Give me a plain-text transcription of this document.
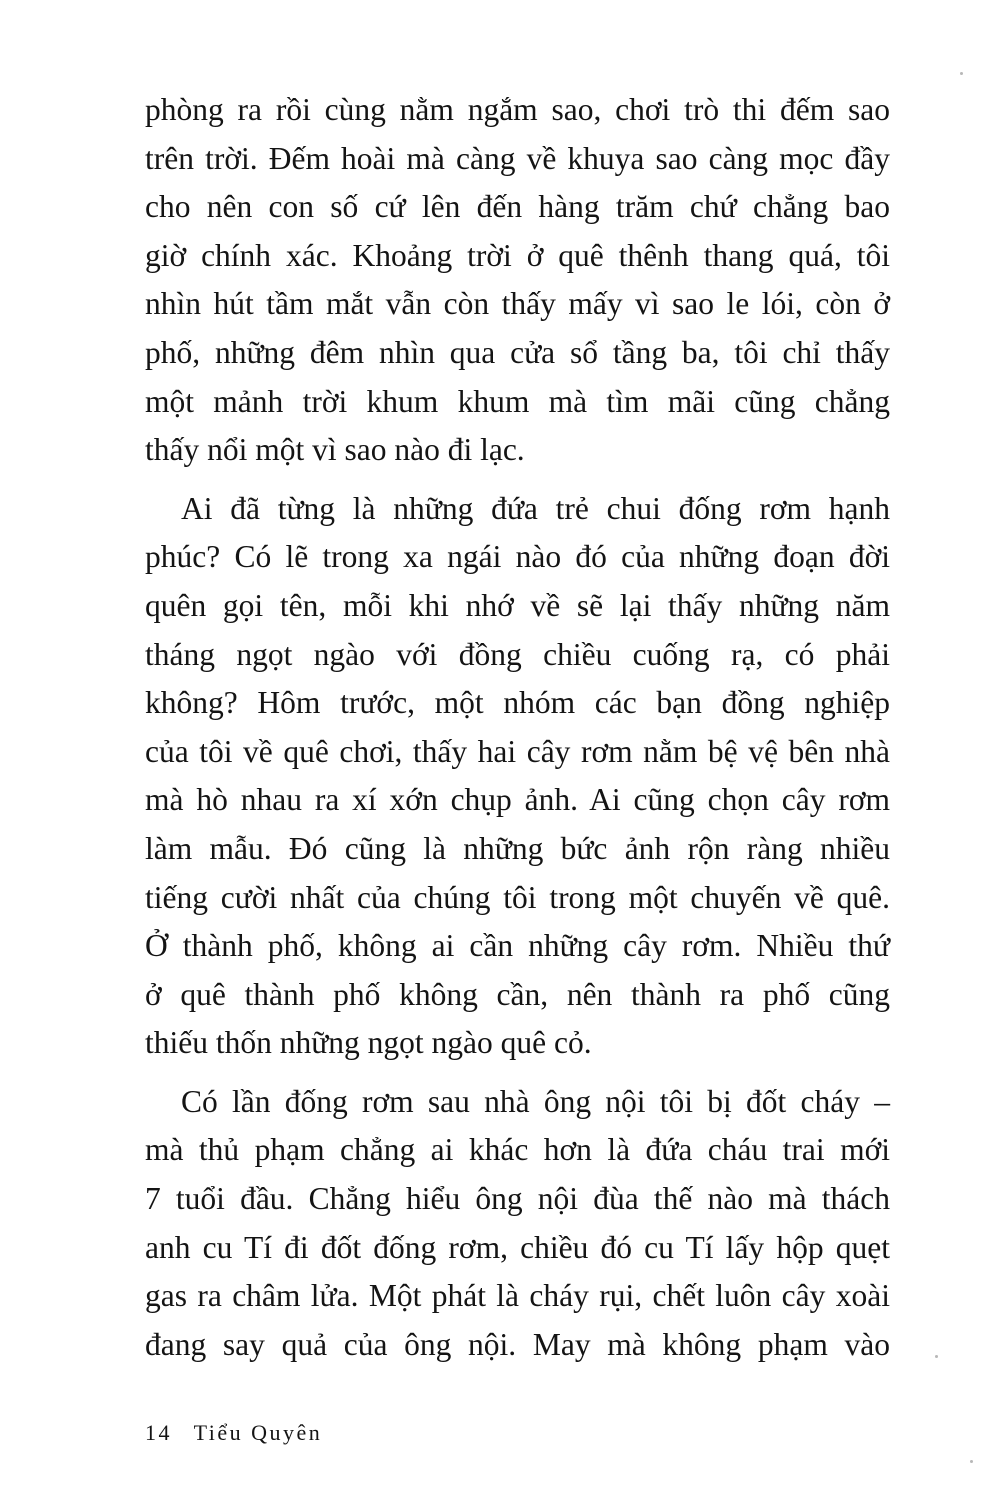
phòng ra rồi cùng nằm ngắm sao, chơi trò thi đếm sao
trên trời. Đếm hoài mà càng về khuya sao càng mọc đầy
cho nên con số cứ lên đến hàng trăm chứ chẳng bao
giờ chính xác. Khoảng trời ở quê thênh thang quá, tôi
nhìn hút tầm mắt vẫn còn thấy mấy vì sao le lói, còn ở
phố, những đêm nhìn qua cửa sổ tầng ba, tôi chỉ thấy
một mảnh trời khum khum mà tìm mãi cũng chẳng
thấy nổi một vì sao nào đi lạc.

Ai đã từng là những đứa trẻ chui đống rơm hạnh
phúc? Có lẽ trong xa ngái nào đó của những đoạn đời
quên gọi tên, mỗi khi nhớ về sẽ lại thấy những năm
tháng ngọt ngào với đồng chiều cuống rạ, có phải
không? Hôm trước, một nhóm các bạn đồng nghiệp
của tôi về quê chơi, thấy hai cây rơm nằm bệ vệ bên nhà
mà hò nhau ra xí xớn chụp ảnh. Ai cũng chọn cây rơm
làm mẫu. Đó cũng là những bức ảnh rộn ràng nhiều
tiếng cười nhất của chúng tôi trong một chuyến về quê.
Ở thành phố, không ai cần những cây rơm. Nhiều thứ
ở quê thành phố không cần, nên thành ra phố cũng
thiếu thốn những ngọt ngào quê cỏ.

Có lần đống rơm sau nhà ông nội tôi bị đốt cháy –
mà thủ phạm chẳng ai khác hơn là đứa cháu trai mới
7 tuổi đầu. Chẳng hiểu ông nội đùa thế nào mà thách
anh cu Tí đi đốt đống rơm, chiều đó cu Tí lấy hộp quẹt
gas ra châm lửa. Một phát là cháy rụi, chết luôn cây xoài
đang say quả của ông nội. May mà không phạm vào

14 Tiểu Quyên
